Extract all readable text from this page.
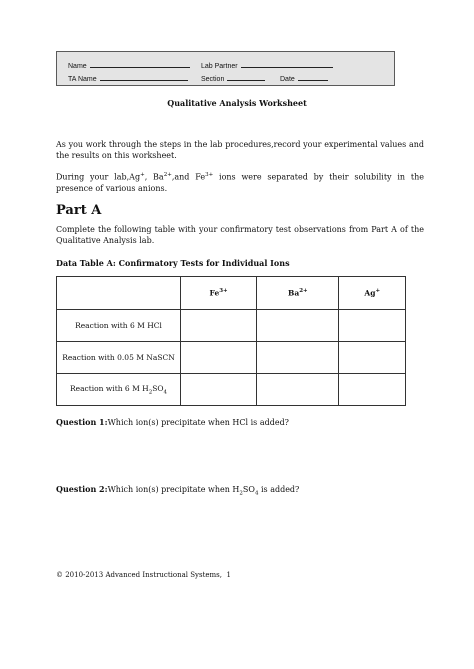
Name	Lab Partner
TA Name	Section	Date
Qualitative Analysis Worksheet
As you work through the steps in the lab procedures,record your experimental values and the results on this worksheet.
During your lab,Ag+, $Ba^{2+},and$ $Fe^{3+}$ ions were separated by their solubility in the presence of various anions.
Part A
Complete the following table with your confirmatory test observations from Part A of the Qualitative Analysis lab.
Data Table A: Confirmatory Tests for Individual Ions
	$Fe^{3+}$	$Ba^{2+}$	Ag+
Reaction with 6 M HCl			
Reaction with 0.05 M NaSCN			
Reaction with 6 M $H_2SO_4$			
Question 1:Which ion(s) precipitate when HCl is added?
Question 2:Which ion(s) precipitate when $H_2SO_4$ is added?
© 2010-2013 Advanced Instructional Systems, 1
